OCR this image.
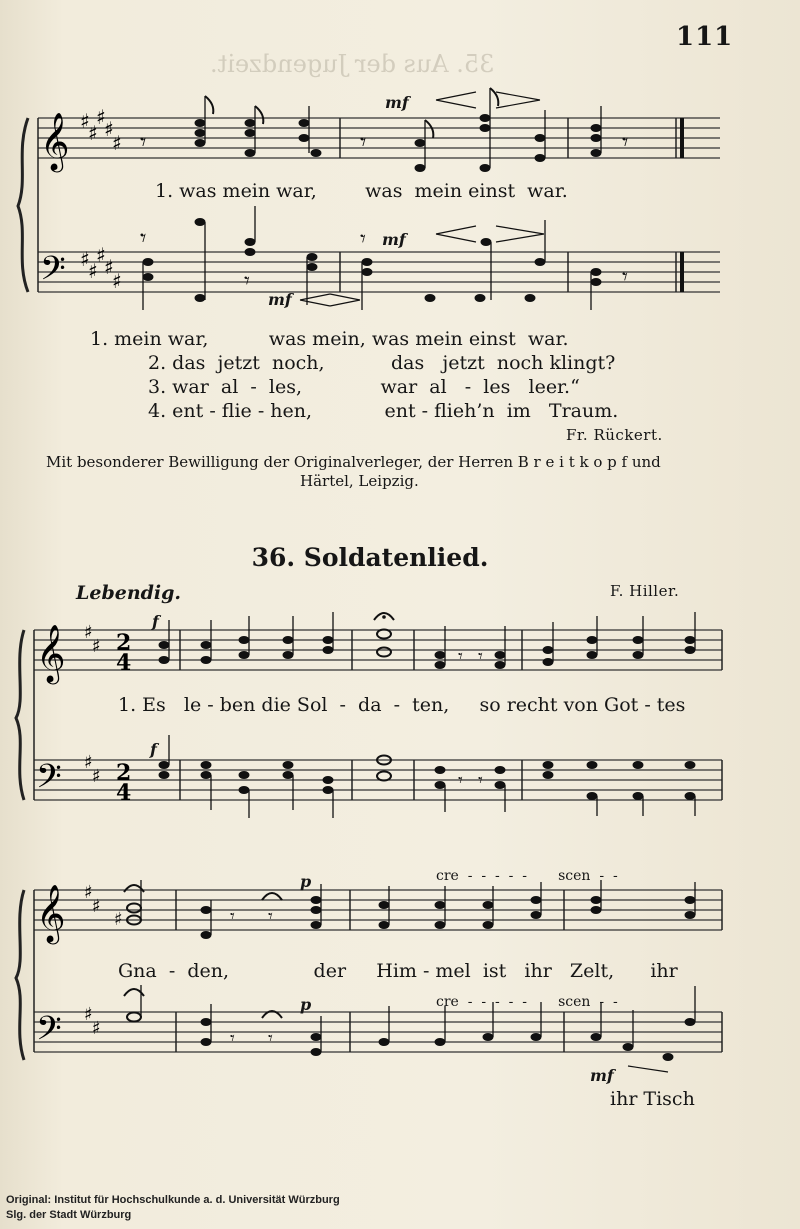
35. Aus der Jugendzeit.
111
𝄞
𝄢
♯
♯
♯
♯
♯
♯
♯
♯
♯
♯
𝄾	𝄾	𝄾
𝄾
𝄾
𝄾
𝄾
mf
mf
mf
1. was mein war,        was  mein einst  war.
1. mein war,          was mein, was mein einst  war.
2. das  jetzt  noch,           das   jetzt  noch klingt?
3. war  al  -  les,             war  al   -  les   leer.“
4. ent - flie - hen,            ent - flieh’n  im   Traum.
Fr. Rückert.
Mit besonderer Bewilligung der Originalverleger, der Herren B r e i t k o p f und
Härtel, Leipzig.
36. Soldatenlied.
Lebendig.	F. Hiller.
𝄞
𝄢
♯
♯
♯
♯
2
4
2
4
𝄾 𝄾
𝄾 𝄾
f
f
1. Es   le - ben die Sol  -  da  -  ten,     so recht von Got - tes
𝄞
𝄢
♯
♯
♯
♯
♯	𝄾 𝄾
𝄾 𝄾
p
p
cre  -  -  -  -  -       scen  -  -
cre  -  -  -  -  -       scen  -  -
Gna  -  den,              der     Him - mel  ist   ihr   Zelt,      ihr
mf
ihr Tisch
Original: Institut für Hochschulkunde a. d. Universität Würzburg
Slg. der Stadt Würzburg
